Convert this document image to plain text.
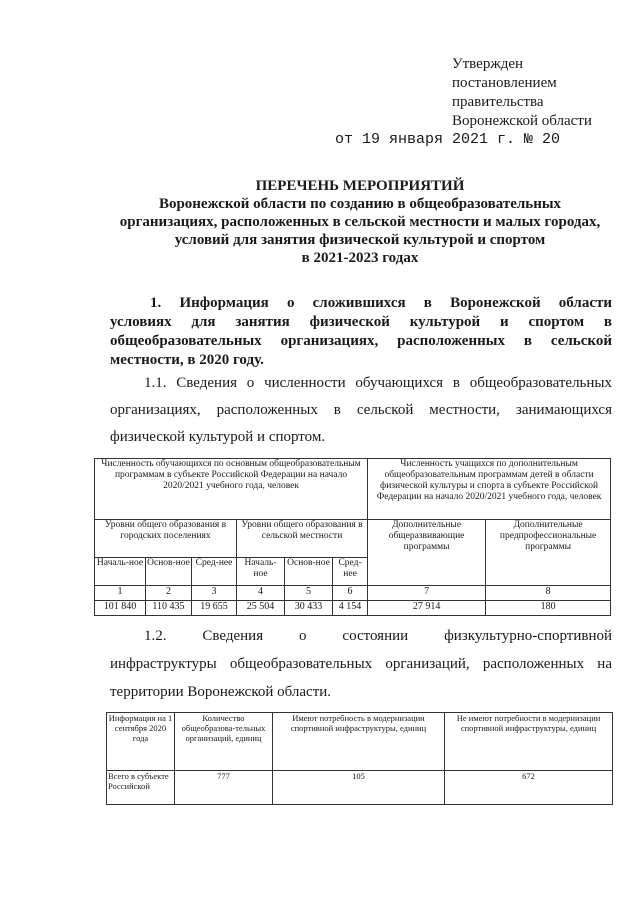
Утвержден
постановлением
правительства
Воронежской области
от 19 января 2021 г. № 20
ПЕРЕЧЕНЬ МЕРОПРИЯТИЙ
Воронежской области по созданию в общеобразовательных
организациях, расположенных в сельской местности и малых городах,
условий для занятия физической культурой и спортом
в 2021-2023 годах
1. Информация о сложившихся в Воронежской области
условиях для занятия физической культурой и спортом в
общеобразовательных организациях, расположенных в сельской
местности, в 2020 году.
1.1. Сведения о численности обучающихся в общеобразовательных
организациях, расположенных в сельской местности, занимающихся
физической культурой и спортом.
Численность обучающихся по основным общеобразовательным программам в субъекте Российской Федерации на начало 2020/2021 учебного года, человек						Численность учащихся по дополнительным общеобразовательным программам детей в области физической культуры и спорта в субъекте Российской Федерации на начало 2020/2021 учебного года, человек	
Уровни общего образования в городских поселениях			Уровни общего образования в сельской местности			Дополнительные общеразвивающие программы	Дополнительные предпрофессиональные программы
Началь-ное	Основ-ное	Сред-нее	Началь-ное	Основ-ное	Сред-нее		
1	2	3	4	5	6	7	8
101 840	110 435	19 655	25 504	30 433	4 154	27 914	180
1.2. Сведения о состоянии физкультурно-спортивной
инфраструктуры общеобразовательных организаций, расположенных на
территории Воронежской области.
Информация на 1 сентября 2020 года	Количество общеобразова-тельных организаций, единиц	Имеют потребность в модернизации спортивной инфраструктуры, единиц	Не имеют потребности в модернизации спортивной инфраструктуры, единиц
Всего в субъекте Российской	777	105	672
